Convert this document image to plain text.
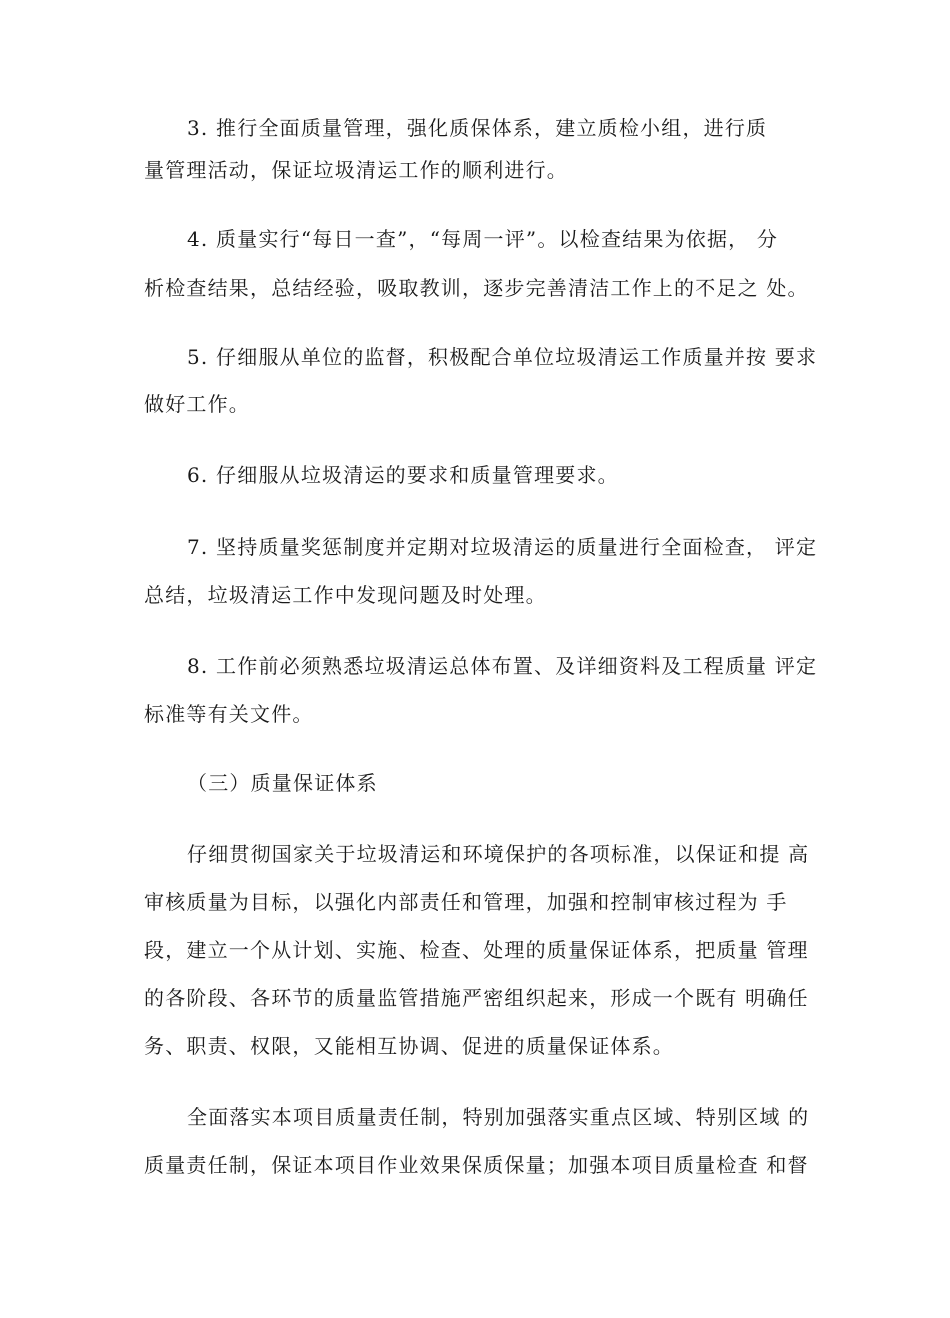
3. 推行全面质量管理，强化质保体系，建立质检小组，进行质
量管理活动，保证垃圾清运工作的顺利进行。
4. 质量实行“每日一查”，“每周一评”。以检查结果为依据， 分
析检查结果，总结经验，吸取教训，逐步完善清洁工作上的不足之 处。
5. 仔细服从单位的监督，积极配合单位垃圾清运工作质量并按 要求
做好工作。
6. 仔细服从垃圾清运的要求和质量管理要求。
7. 坚持质量奖惩制度并定期对垃圾清运的质量进行全面检查， 评定
总结，垃圾清运工作中发现问题及时处理。
8. 工作前必须熟悉垃圾清运总体布置、及详细资料及工程质量 评定
标准等有关文件。
（三）质量保证体系
仔细贯彻国家关于垃圾清运和环境保护的各项标准，以保证和提 高
审核质量为目标，以强化内部责任和管理，加强和控制审核过程为 手
段，建立一个从计划、实施、检查、处理的质量保证体系，把质量 管理
的各阶段、各环节的质量监管措施严密组织起来，形成一个既有 明确任
务、职责、权限，又能相互协调、促进的质量保证体系。
全面落实本项目质量责任制，特别加强落实重点区域、特别区域 的
质量责任制，保证本项目作业效果保质保量；加强本项目质量检查 和督
